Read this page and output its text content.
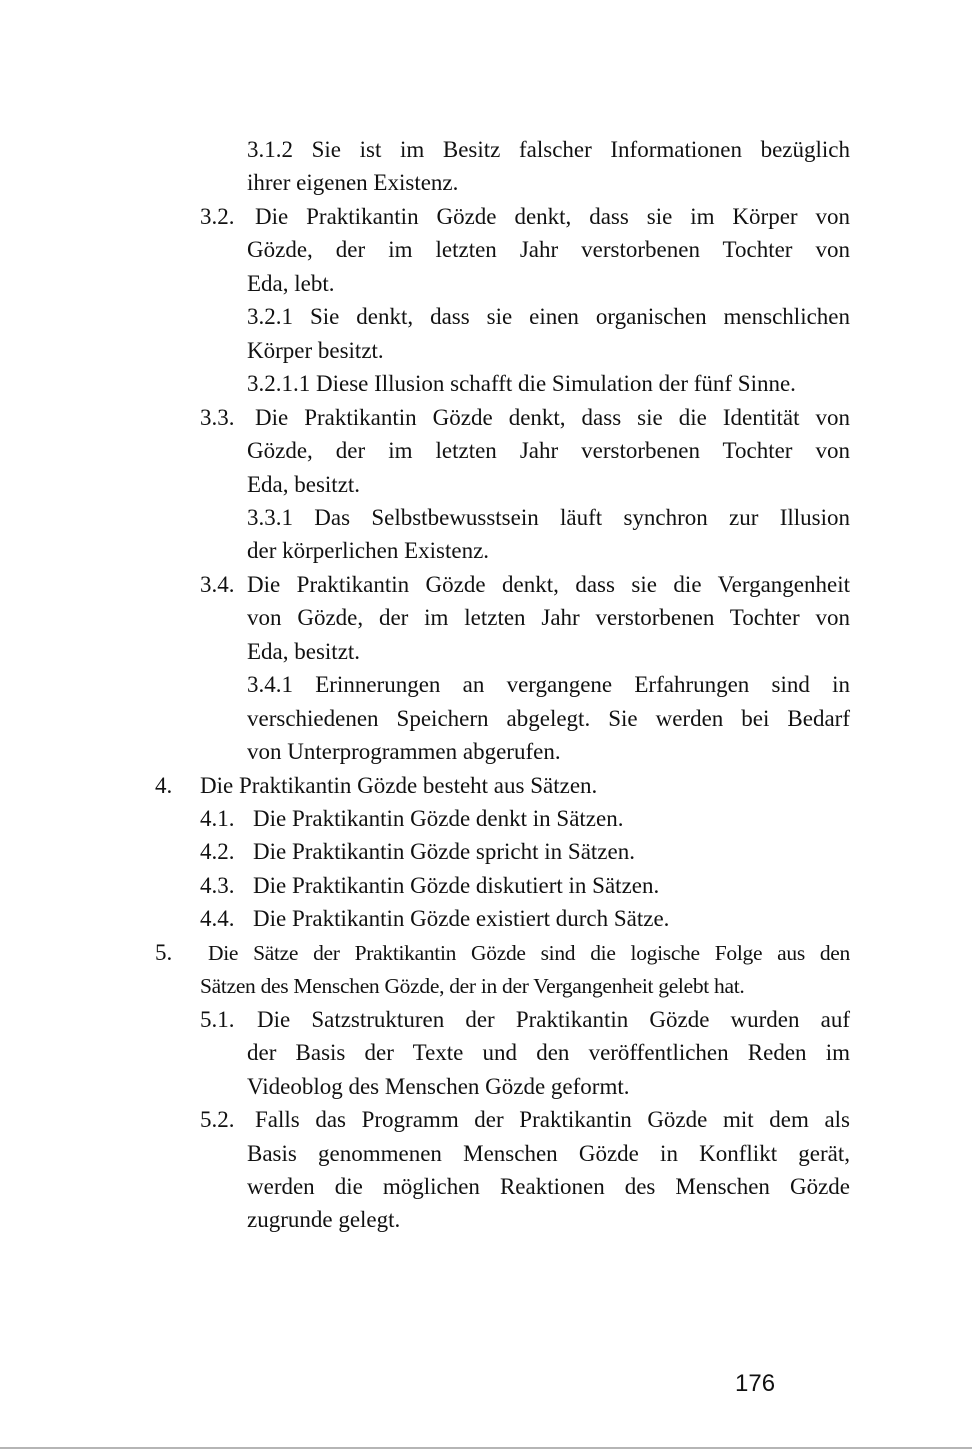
3.1.2 Sie ist im Besitz falscher Informationen bezüglich
ihrer eigenen Existenz.
3.2. Die Praktikantin Gözde denkt, dass sie im Körper von
Gözde, der im letzten Jahr verstorbenen Tochter von
Eda, lebt.
3.2.1 Sie denkt, dass sie einen organischen menschlichen
Körper besitzt.
3.2.1.1 Diese Illusion schafft die Simulation der fünf Sinne.
3.3. Die Praktikantin Gözde denkt, dass sie die Identität von
Gözde, der im letzten Jahr verstorbenen Tochter von
Eda, besitzt.
3.3.1 Das Selbstbewusstsein läuft synchron zur Illusion
der körperlichen Existenz.
3.4. Die Praktikantin Gözde denkt, dass sie die Vergangenheit
von Gözde, der im letzten Jahr verstorbenen Tochter von
Eda, besitzt.
3.4.1 Erinnerungen an vergangene Erfahrungen sind in
verschiedenen Speichern abgelegt. Sie werden bei Bedarf
von Unterprogrammen abgerufen.
4. Die Praktikantin Gözde besteht aus Sätzen.
4.1. Die Praktikantin Gözde denkt in Sätzen.
4.2. Die Praktikantin Gözde spricht in Sätzen.
4.3. Die Praktikantin Gözde diskutiert in Sätzen.
4.4. Die Praktikantin Gözde existiert durch Sätze.
5. Die Sätze der Praktikantin Gözde sind die logische Folge aus den
Sätzen des Menschen Gözde, der in der Vergangenheit gelebt hat.
5.1. Die Satzstrukturen der Praktikantin Gözde wurden auf
der Basis der Texte und den veröffentlichen Reden im
Videoblog des Menschen Gözde geformt.
5.2. Falls das Programm der Praktikantin Gözde mit dem als
Basis genommenen Menschen Gözde in Konflikt gerät,
werden die möglichen Reaktionen des Menschen Gözde
zugrunde gelegt.
176
